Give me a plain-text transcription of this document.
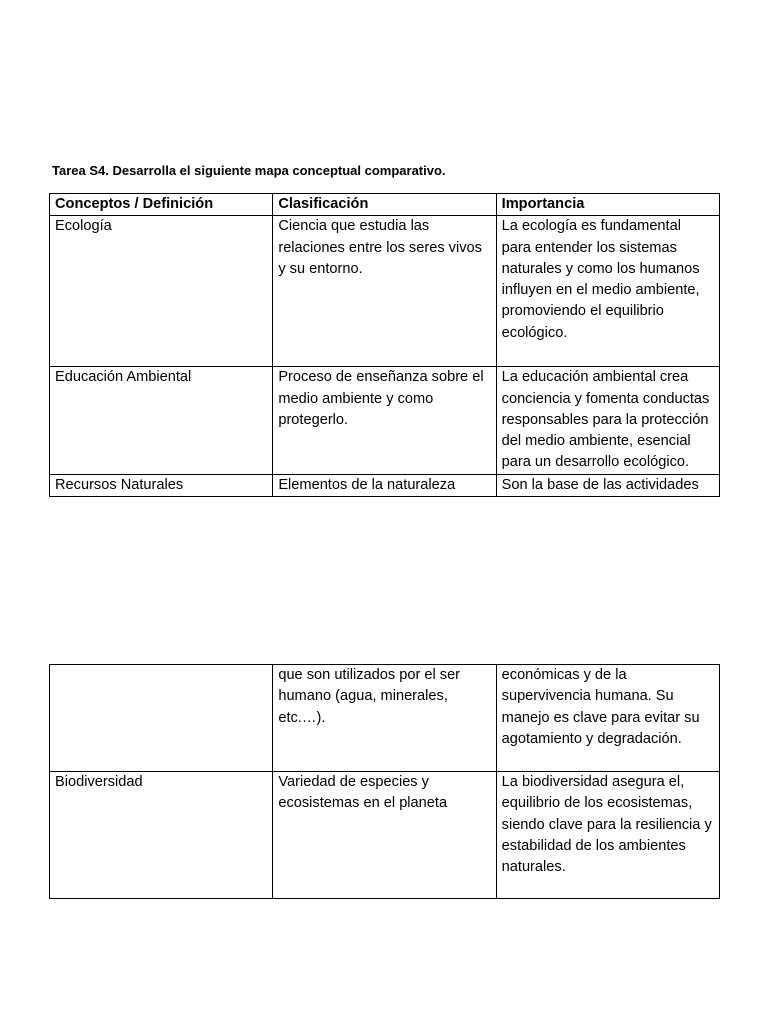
Tarea S4. Desarrolla el siguiente mapa conceptual comparativo.
Conceptos / Definición	Clasificación	Importancia
Ecología	Ciencia que estudia las relaciones entre los seres vivos y su entorno.	La ecología es fundamental para entender los sistemas naturales y como los humanos influyen en el medio ambiente, promoviendo el equilibrio ecológico.
Educación Ambiental	Proceso de enseñanza sobre el medio ambiente y como protegerlo.	La educación ambiental crea conciencia y fomenta conductas responsables para la protección del medio ambiente, esencial para un desarrollo ecológico.
Recursos Naturales	Elementos de la naturaleza	Son la base de las actividades
	que son utilizados por el ser humano (agua, minerales, etc.…).	económicas y de la supervivencia humana. Su manejo es clave para evitar su agotamiento y degradación.
Biodiversidad	Variedad de especies y ecosistemas en el planeta	La biodiversidad asegura el, equilibrio de los ecosistemas, siendo clave para la resiliencia y estabilidad de los ambientes naturales.
